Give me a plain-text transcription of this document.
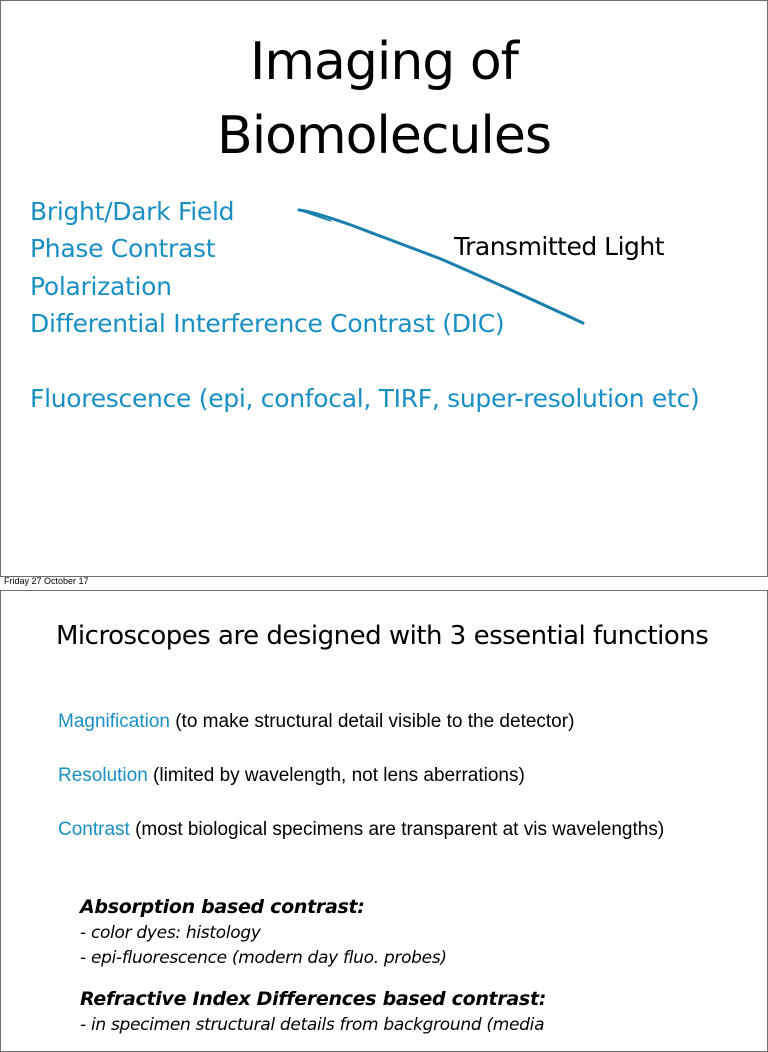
Imaging of
Biomolecules
Bright/Dark Field
Phase Contrast
Polarization
Differential Interference Contrast (DIC)
Fluorescence (epi, confocal, TIRF, super-resolution etc)
Transmitted Light
Friday 27 October 17
Microscopes are designed with 3 essential functions
Magnification (to make structural detail visible to the detector)
Resolution (limited by wavelength, not lens aberrations)
Contrast (most biological specimens are transparent at vis wavelengths)
Absorption based contrast:
- color dyes: histology
- epi-fluorescence (modern day fluo. probes)
Refractive Index Differences based contrast:
- in specimen structural details from background (media
